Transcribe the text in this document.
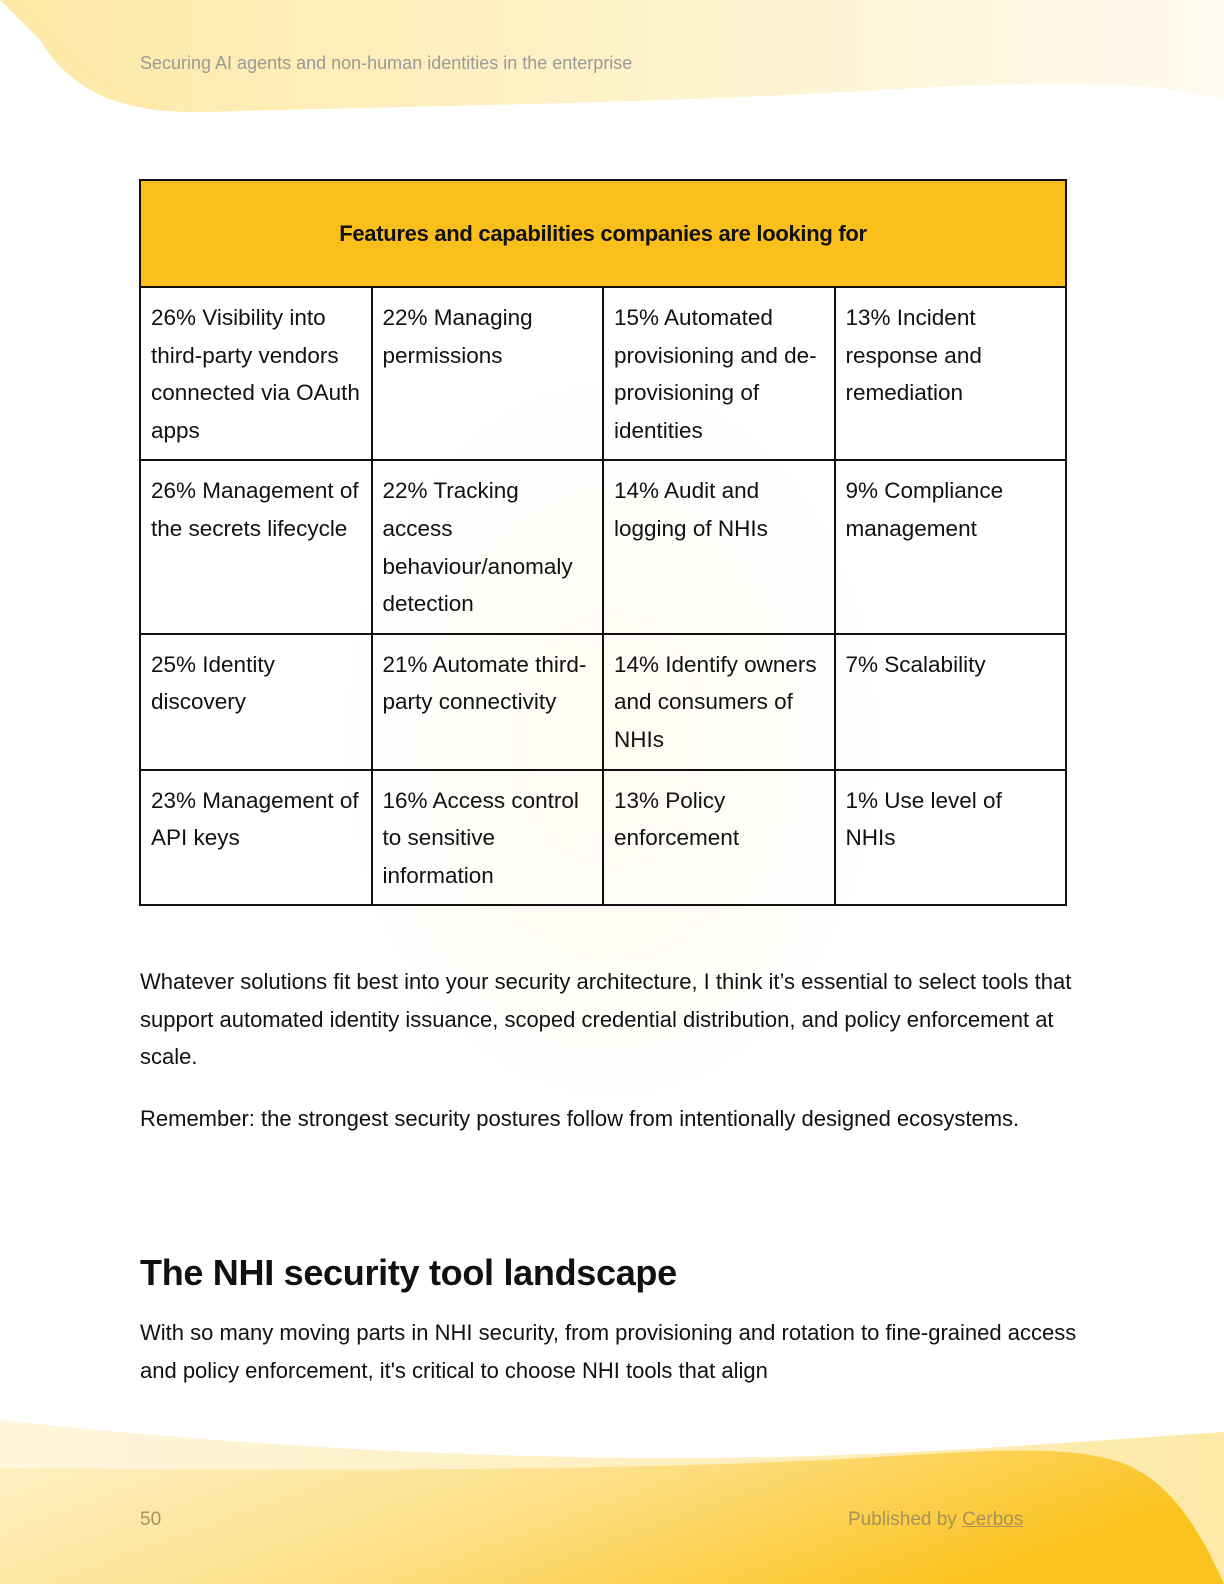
Securing AI agents and non-human identities in the enterprise
Features and capabilities companies are looking for			
26% Visibility into third-party vendors connected via OAuth apps	22% Managing permissions	15% Automated provisioning and de-provisioning of identities	13% Incident response and remediation
26% Management of the secrets lifecycle	22% Tracking access behaviour/anomaly detection	14% Audit and logging of NHIs	9% Compliance management
25% Identity discovery	21% Automate third-party connectivity	14% Identify owners and consumers of NHIs	7% Scalability
23% Management of API keys	16% Access control to sensitive information	13% Policy enforcement	1% Use level of NHIs

Whatever solutions fit best into your security architecture, I think it’s essential to select tools that support automated identity issuance, scoped credential distribution, and policy enforcement at scale.

Remember: the strongest security postures follow from intentionally designed ecosystems.

The NHI security tool landscape

With so many moving parts in NHI security, from provisioning and rotation to fine-grained access and policy enforcement, it's critical to choose NHI tools that align

50	Published by Cerbos
